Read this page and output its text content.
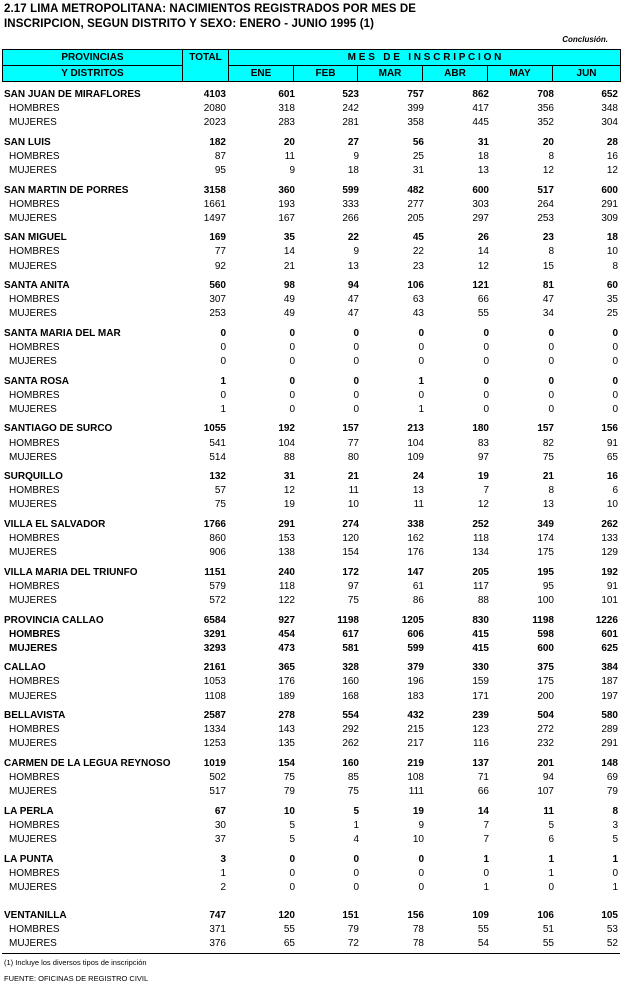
2.17 LIMA METROPOLITANA: NACIMIENTOS REGISTRADOS POR MES DE
INSCRIPCION, SEGUN DISTRITO Y SEXO: ENERO - JUNIO 1995 (1)
Conclusión.
PROVINCIAS	TOTAL	M E S   D E   I N S C R I P C I O N					
Y DISTRITOS		ENE	FEB	MAR	ABR	MAY	JUN
SAN JUAN DE MIRAFLORES	4103	601	523	757	862	708	652
HOMBRES	2080	318	242	399	417	356	348
MUJERES	2023	283	281	358	445	352	304
SAN LUIS	182	20	27	56	31	20	28
HOMBRES	87	11	9	25	18	8	16
MUJERES	95	9	18	31	13	12	12
SAN MARTIN DE PORRES	3158	360	599	482	600	517	600
HOMBRES	1661	193	333	277	303	264	291
MUJERES	1497	167	266	205	297	253	309
SAN MIGUEL	169	35	22	45	26	23	18
HOMBRES	77	14	9	22	14	8	10
MUJERES	92	21	13	23	12	15	8
SANTA ANITA	560	98	94	106	121	81	60
HOMBRES	307	49	47	63	66	47	35
MUJERES	253	49	47	43	55	34	25
SANTA MARIA DEL MAR	0	0	0	0	0	0	0
HOMBRES	0	0	0	0	0	0	0
MUJERES	0	0	0	0	0	0	0
SANTA ROSA	1	0	0	1	0	0	0
HOMBRES	0	0	0	0	0	0	0
MUJERES	1	0	0	1	0	0	0
SANTIAGO DE SURCO	1055	192	157	213	180	157	156
HOMBRES	541	104	77	104	83	82	91
MUJERES	514	88	80	109	97	75	65
SURQUILLO	132	31	21	24	19	21	16
HOMBRES	57	12	11	13	7	8	6
MUJERES	75	19	10	11	12	13	10
VILLA EL SALVADOR	1766	291	274	338	252	349	262
HOMBRES	860	153	120	162	118	174	133
MUJERES	906	138	154	176	134	175	129
VILLA MARIA DEL TRIUNFO	1151	240	172	147	205	195	192
HOMBRES	579	118	97	61	117	95	91
MUJERES	572	122	75	86	88	100	101
PROVINCIA CALLAO	6584	927	1198	1205	830	1198	1226
HOMBRES	3291	454	617	606	415	598	601
MUJERES	3293	473	581	599	415	600	625
CALLAO	2161	365	328	379	330	375	384
HOMBRES	1053	176	160	196	159	175	187
MUJERES	1108	189	168	183	171	200	197
BELLAVISTA	2587	278	554	432	239	504	580
HOMBRES	1334	143	292	215	123	272	289
MUJERES	1253	135	262	217	116	232	291
CARMEN DE LA LEGUA REYNOSO	1019	154	160	219	137	201	148
HOMBRES	502	75	85	108	71	94	69
MUJERES	517	79	75	111	66	107	79
LA PERLA	67	10	5	19	14	11	8
HOMBRES	30	5	1	9	7	5	3
MUJERES	37	5	4	10	7	6	5
LA PUNTA	3	0	0	0	1	1	1
HOMBRES	1	0	0	0	0	1	0
MUJERES	2	0	0	0	1	0	1
VENTANILLA	747	120	151	156	109	106	105
HOMBRES	371	55	79	78	55	51	53
MUJERES	376	65	72	78	54	55	52
(1) Incluye los diversos tipos de inscripción
FUENTE: OFICINAS DE REGISTRO CIVIL
